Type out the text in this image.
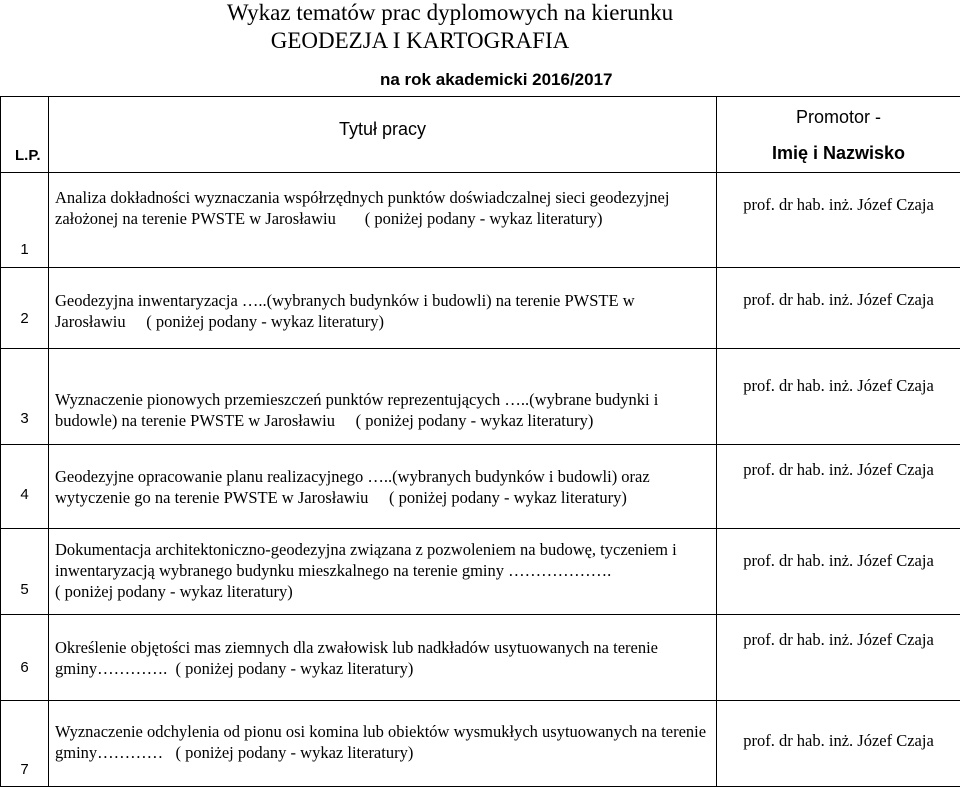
Wykaz tematów prac dyplomowych na kierunku
GEODEZJA I KARTOGRAFIA
na rok akademicki 2016/2017
L.P.	Tytuł pracy	Promotor -
Imię i Nazwisko

1	Analiza dokładności wyznaczania współrzędnych punktów doświadczalnej sieci geodezyjnej założonej na terenie PWSTE w Jarosławiu ( poniżej podany - wykaz literatury)	prof. dr hab. inż. Józef Czaja

2	Geodezyjna inwentaryzacja …..(wybranych budynków i budowli) na terenie PWSTE w Jarosławiu ( poniżej podany - wykaz literatury)	prof. dr hab. inż. Józef Czaja

3	Wyznaczenie pionowych przemieszczeń punktów reprezentujących …..(wybrane budynki i budowle) na terenie PWSTE w Jarosławiu ( poniżej podany - wykaz literatury)	prof. dr hab. inż. Józef Czaja

4	Geodezyjne opracowanie planu realizacyjnego …..(wybranych budynków i budowli) oraz wytyczenie go na terenie PWSTE w Jarosławiu ( poniżej podany - wykaz literatury)	prof. dr hab. inż. Józef Czaja

5	Dokumentacja architektoniczno-geodezyjna związana z pozwoleniem na budowę, tyczeniem i inwentaryzacją wybranego budynku mieszkalnego na terenie gminy ……………….
( poniżej podany - wykaz literatury)	prof. dr hab. inż. Józef Czaja

6	Określenie objętości mas ziemnych dla zwałowisk lub nadkładów usytuowanych na terenie gminy…………. ( poniżej podany - wykaz literatury)	prof. dr hab. inż. Józef Czaja

7	Wyznaczenie odchylenia od pionu osi komina lub obiektów wysmukłych usytuowanych na terenie gminy………… ( poniżej podany - wykaz literatury)	prof. dr hab. inż. Józef Czaja
